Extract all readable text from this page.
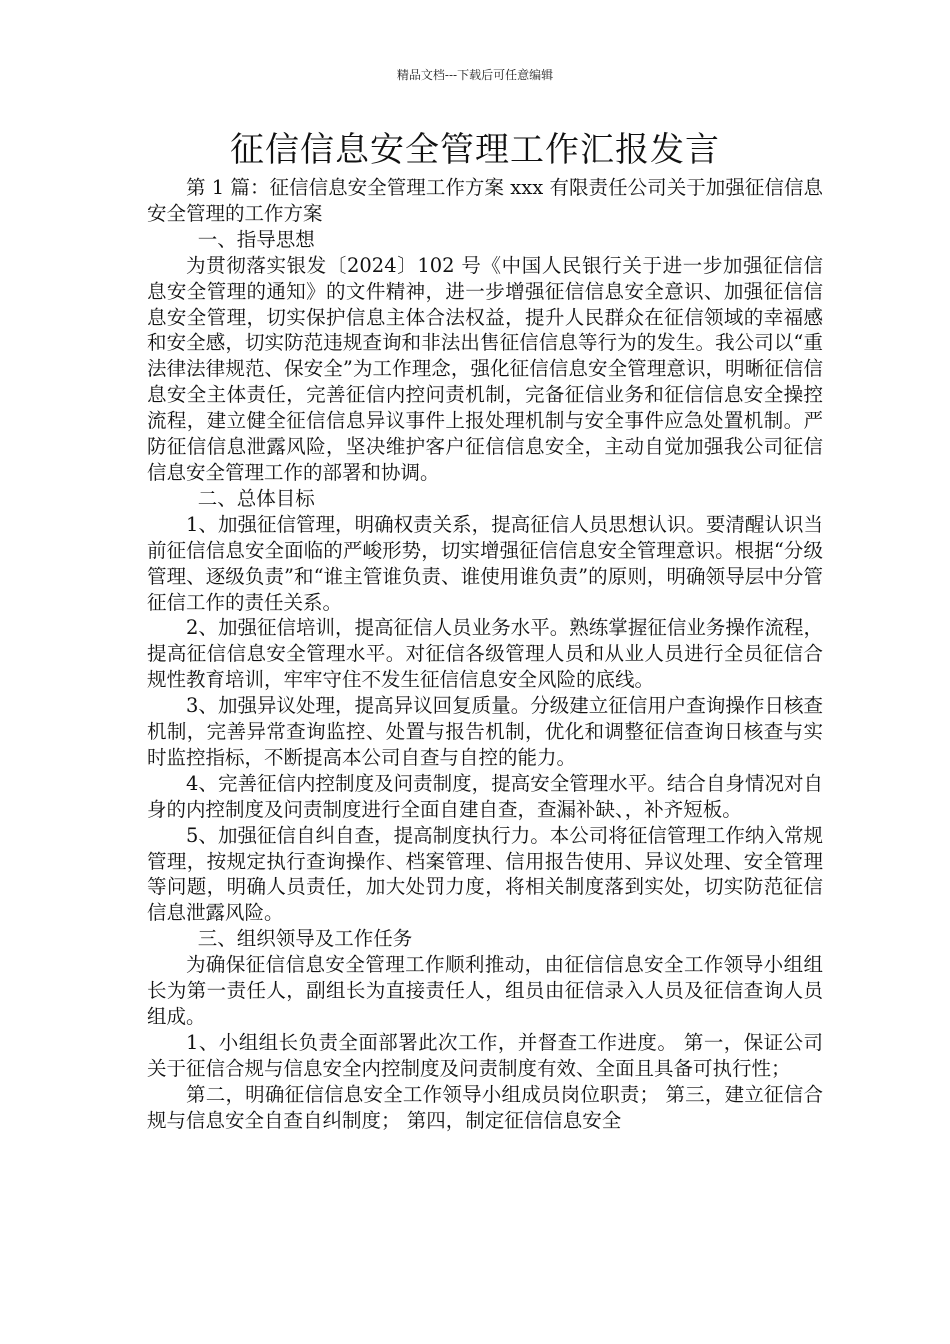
精品文档---下载后可任意编辑
征信信息安全管理工作汇报发言

第 1 篇：征信信息安全管理工作方案 xxx 有限责任公司关于加强征信信息安全管理的工作方案

一、指导思想

为贯彻落实银发〔2024〕102 号《中国人民银行关于进一步加强征信信息安全管理的通知》的文件精神，进一步增强征信信息安全意识、加强征信信息安全管理，切实保护信息主体合法权益，提升人民群众在征信领域的幸福感和安全感，切实防范违规查询和非法出售征信信息等行为的发生。我公司以“重法律法律规范、保安全”为工作理念，强化征信信息安全管理意识，明晰征信信息安全主体责任，完善征信内控问责机制，完备征信业务和征信信息安全操控流程，建立健全征信信息异议事件上报处理机制与安全事件应急处置机制。严防征信信息泄露风险，坚决维护客户征信信息安全，主动自觉加强我公司征信信息安全管理工作的部署和协调。

二、总体目标

1、加强征信管理，明确权责关系，提高征信人员思想认识。要清醒认识当前征信信息安全面临的严峻形势，切实增强征信信息安全管理意识。根据“分级管理、逐级负责”和“谁主管谁负责、谁使用谁负责”的原则，明确领导层中分管征信工作的责任关系。

2、加强征信培训，提高征信人员业务水平。熟练掌握征信业务操作流程，提高征信信息安全管理水平。对征信各级管理人员和从业人员进行全员征信合规性教育培训，牢牢守住不发生征信信息安全风险的底线。

3、加强异议处理，提高异议回复质量。分级建立征信用户查询操作日核查机制，完善异常查询监控、处置与报告机制，优化和调整征信查询日核查与实时监控指标，不断提高本公司自查与自控的能力。

4、完善征信内控制度及问责制度，提高安全管理水平。结合自身情况对自身的内控制度及问责制度进行全面自建自查，查漏补缺、，补齐短板。

5、加强征信自纠自查，提高制度执行力。本公司将征信管理工作纳入常规管理，按规定执行查询操作、档案管理、信用报告使用、异议处理、安全管理等问题，明确人员责任，加大处罚力度，将相关制度落到实处，切实防范征信信息泄露风险。

三、组织领导及工作任务

为确保征信信息安全管理工作顺利推动，由征信信息安全工作领导小组组长为第一责任人，副组长为直接责任人，组员由征信录入人员及征信查询人员组成。

1、小组组长负责全面部署此次工作，并督查工作进度。 第一，保证公司关于征信合规与信息安全内控制度及问责制度有效、全面且具备可执行性；

第二，明确征信信息安全工作领导小组成员岗位职责； 第三，建立征信合规与信息安全自查自纠制度； 第四，制定征信信息安全
